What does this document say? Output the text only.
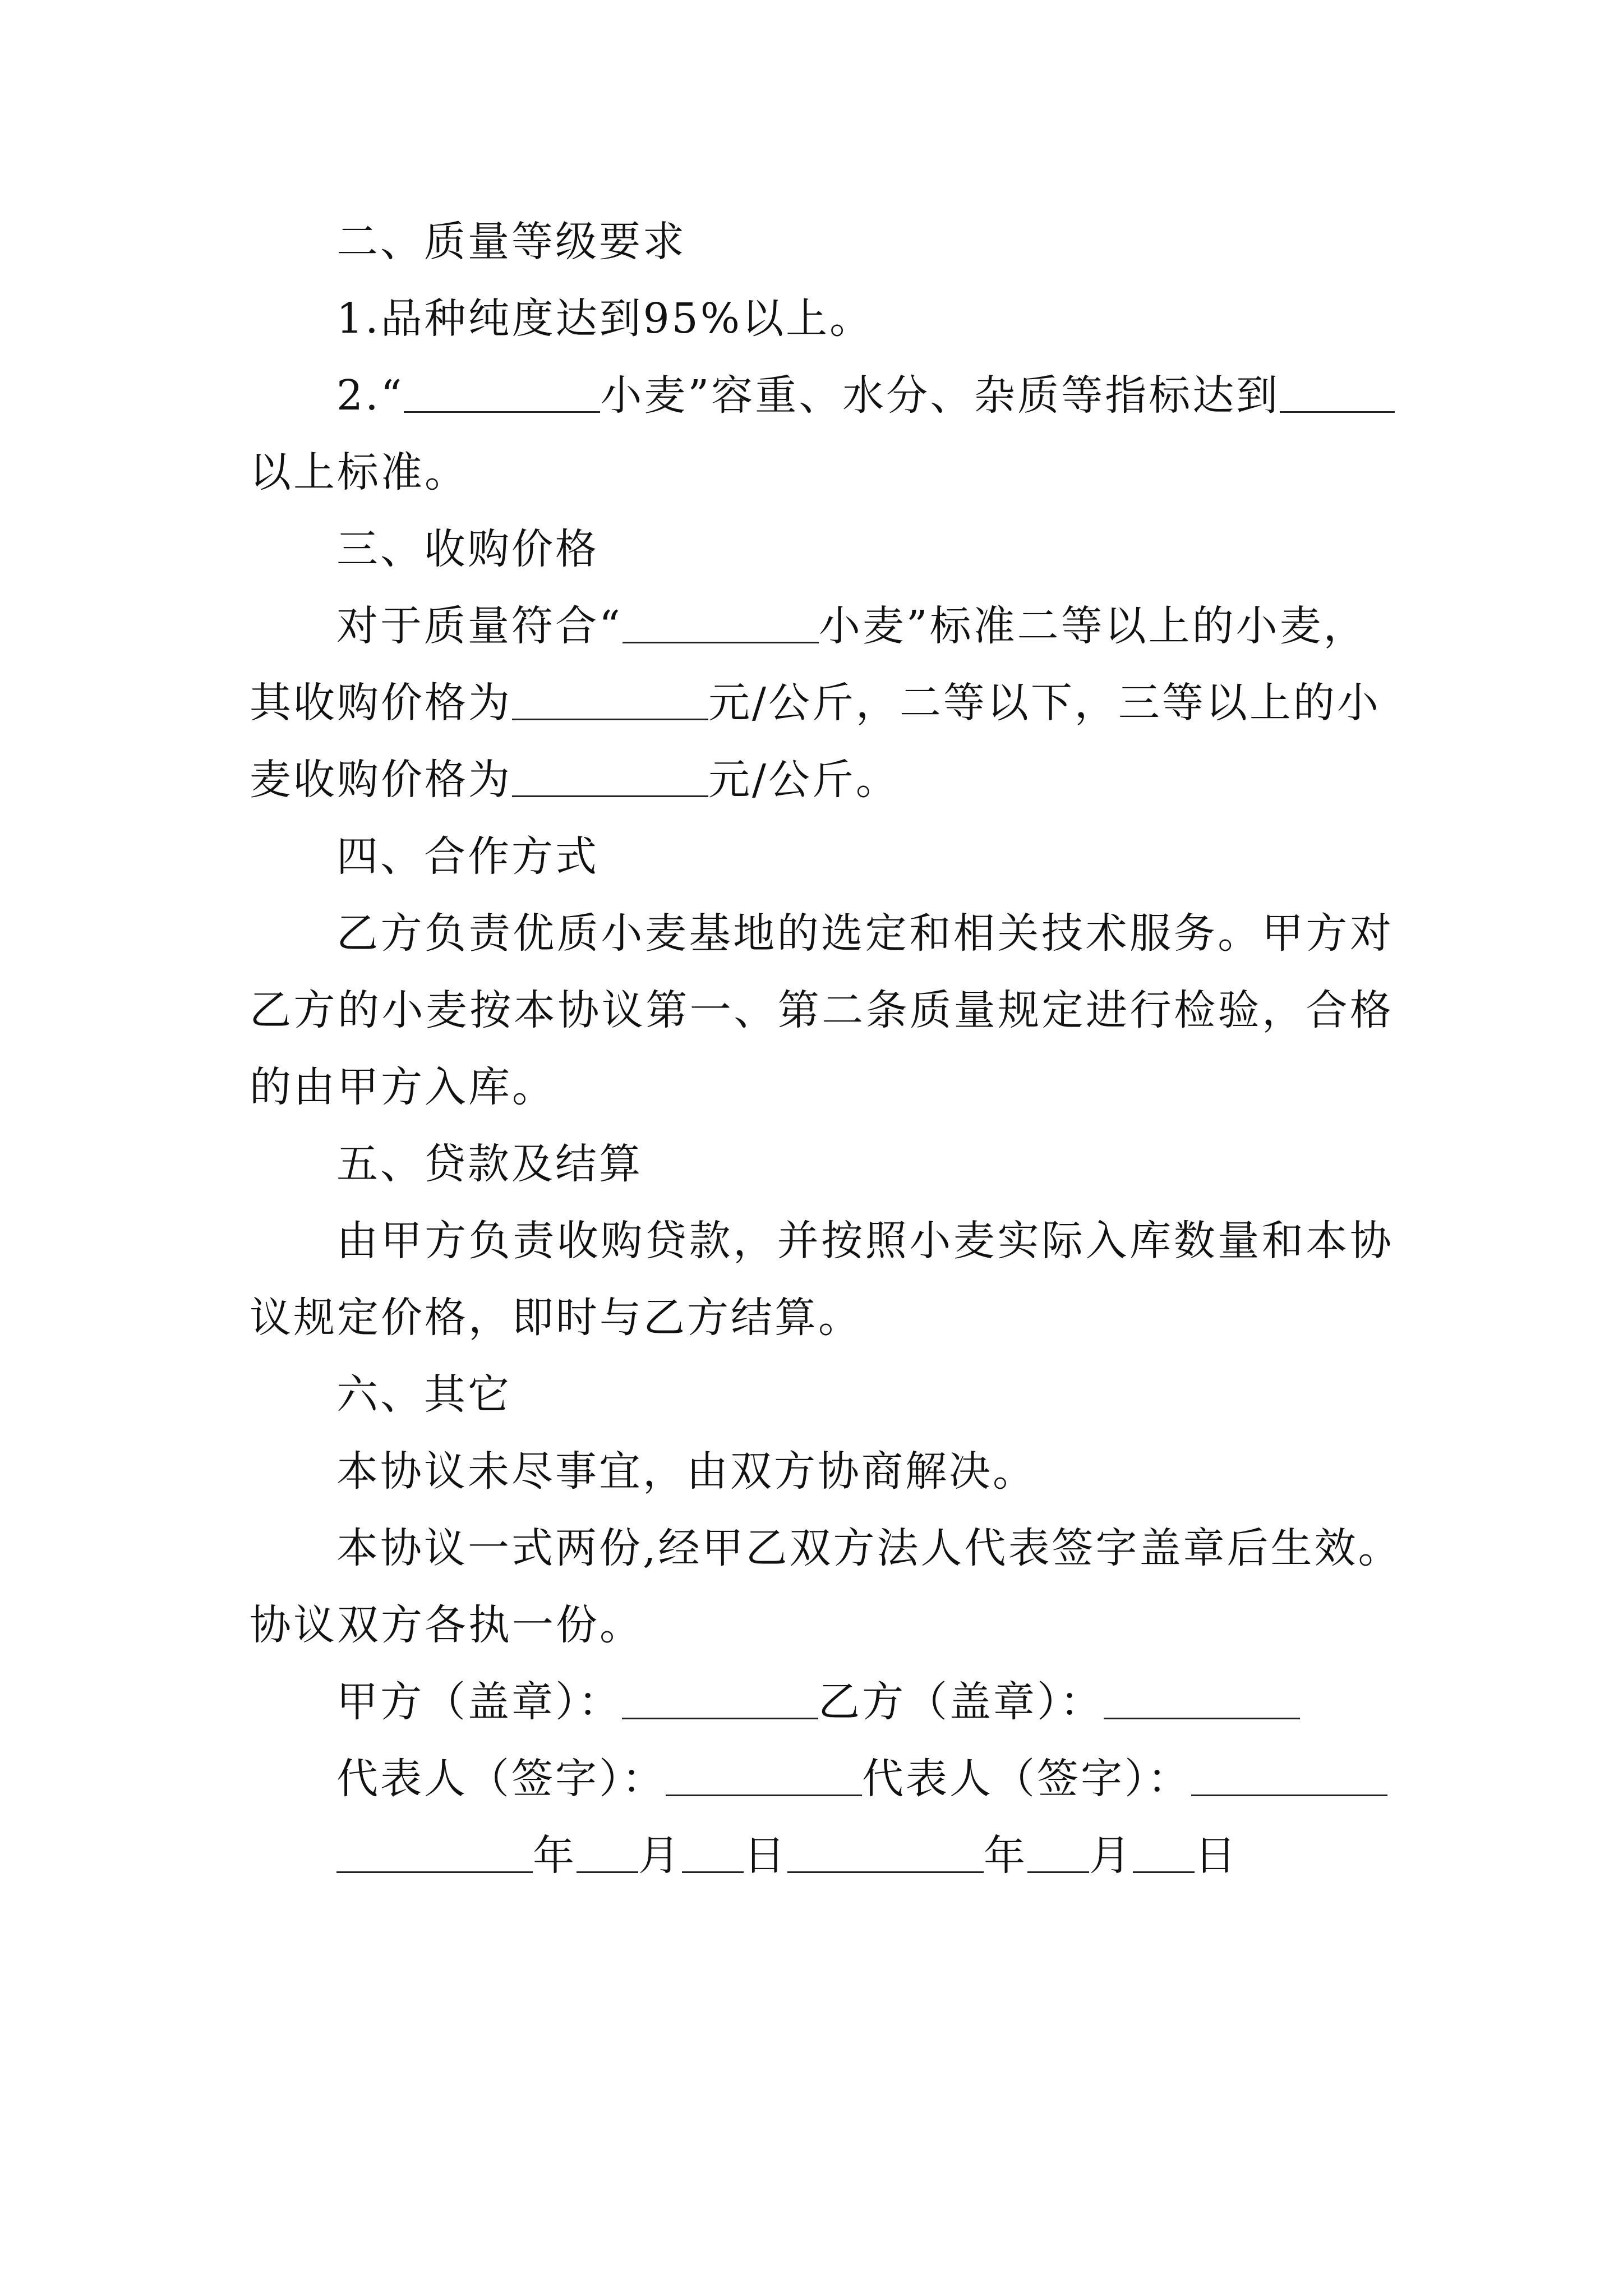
二、质量等级要求
1.品种纯度达到95%以上。
2.“	小麦”容重、水分、杂质等指标达到
以上标准。
三、收购价格
对于质量符合“	小麦”标准二等以上的小麦，
其收购价格为	元/公斤，二等以下，三等以上的小
麦收购价格为	元/公斤。
四、合作方式
乙方负责优质小麦基地的选定和相关技术服务。甲方对
乙方的小麦按本协议第一、第二条质量规定进行检验，合格
的由甲方入库。
五、贷款及结算
由甲方负责收购贷款，并按照小麦实际入库数量和本协
议规定价格，即时与乙方结算。
六、其它
本协议未尽事宜，由双方协商解决。
本协议一式两份,经甲乙双方法人代表签字盖章后生效。
协议双方各执一份。
甲方（盖章）：	乙方（盖章）：
代表人（签字）：	代表人（签字）：
年 月 日	年 月 日
